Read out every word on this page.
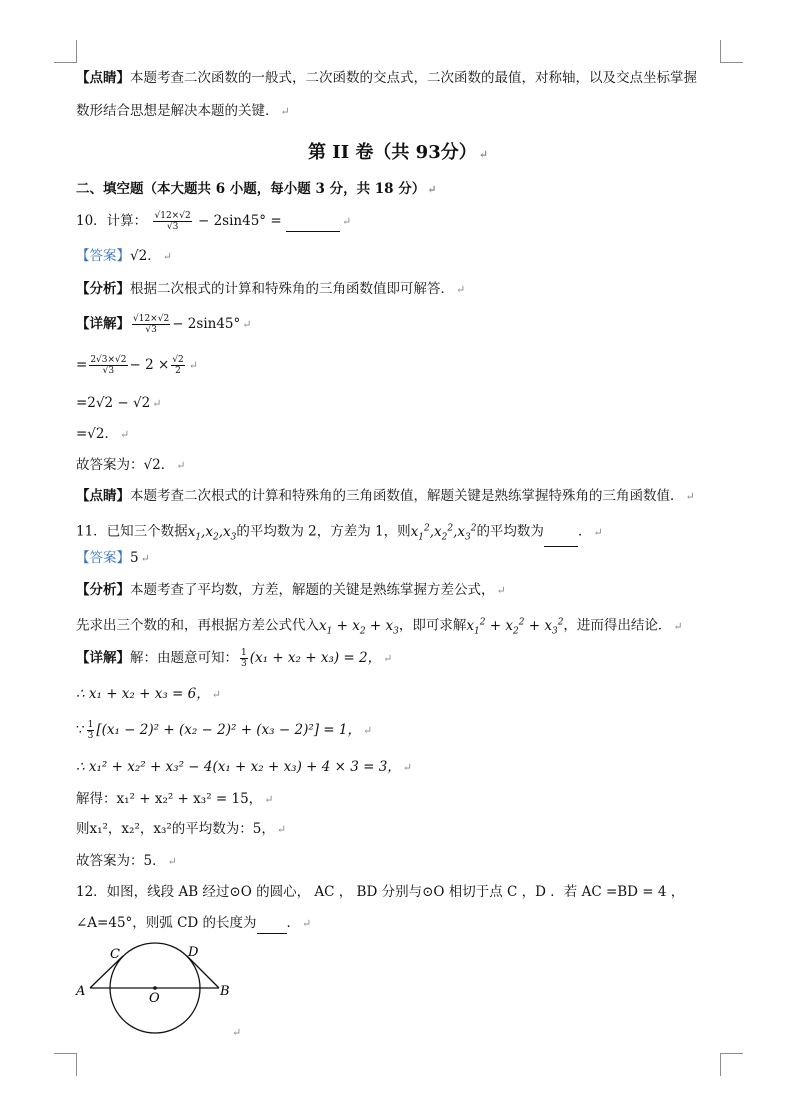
【点睛】本题考查二次函数的一般式，二次函数的交点式，二次函数的最值，对称轴，以及交点坐标掌握
数形结合思想是解决本题的关键． ↵
第 II 卷（共 93分） ↵
二、填空题（本大题共 6 小题，每小题 3 分，共 18 分） ↵
10．计算： $\frac{√12\times√2}{√3} - 2\sin 45^\circ$ =	↵
【答案】√2． ↵
【分析】根据二次根式的计算和特殊角的三角函数值即可解答． ↵
【详解】 $\frac{√12\times√2}{√3} - 2\sin 45^\circ$ ↵
= $\frac{2√3\times√2}{√3} - 2 \times \frac{√2}{2}$ ↵
=2√2 − √2 ↵
=√2． ↵
故答案为：√2． ↵
【点睛】本题考查二次根式的计算和特殊角的三角函数值，解题关键是熟练掌握特殊角的三角函数值． ↵
11．已知三个数据$x_1,x_2,x_3$的平均数为 2，方差为 1，则$x_1^2,x_2^2,x_3^2$的平均数为	． ↵
【答案】5 ↵
【分析】本题考查了平均数，方差，解题的关键是熟练掌握方差公式， ↵
先求出三个数的和，再根据方差公式代入$x_1 + x_2 + x_3$，即可求解$x_1^2 + x_2^2 + x_3^2$，进而得出结论． ↵
【详解】解：由题意可知： $\frac{1}{3} (x_1 + x_2 + x_3) = 2$， ↵
∴ x₁ + x₂ + x₃ = 6， ↵
∵ $\frac{1}{3} [(x_1 - 2)^2 + (x_2 - 2)^2 + (x_3 - 2)^2] = 1$， ↵
∴ x₁² + x₂² + x₃² − 4(x₁ + x₂ + x₃) + 4 × 3 = 3， ↵
解得：x₁² + x₂² + x₃² = 15， ↵
则x₁²，x₂²，x₃²的平均数为：5， ↵
故答案为：5． ↵
12．如图，线段 AB 经过⊙O 的圆心， AC ， BD 分别与⊙O 相切于点 C ，D ．若 AC =BD = 4 ，
∠A=45°，则弧 CD 的长度为 ． ↵
A	B
C	D
O
↵
